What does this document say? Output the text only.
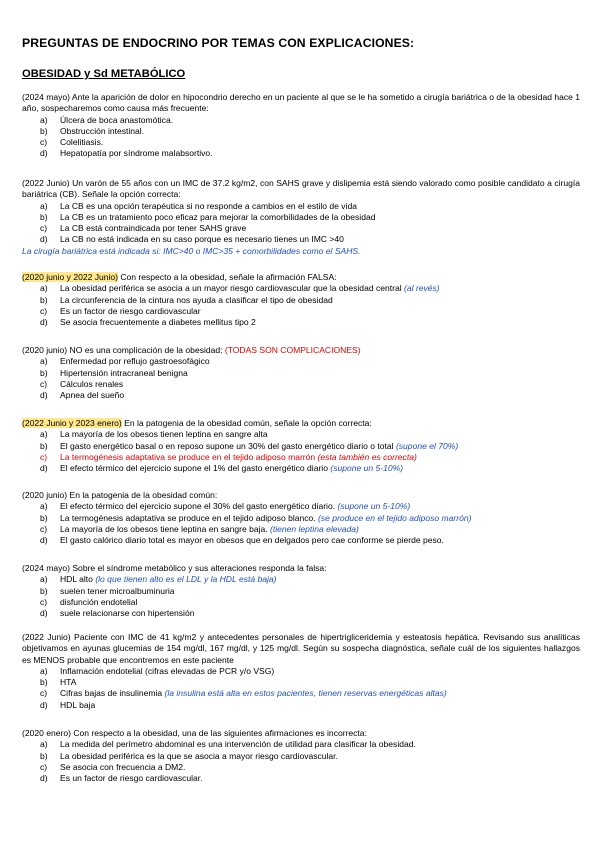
PREGUNTAS DE ENDOCRINO POR TEMAS CON EXPLICACIONES:
OBESIDAD y Sd METABÓLICO
(2024 mayo) Ante la aparición de dolor en hipocondrio derecho en un paciente al que se le ha sometido a cirugía bariátrica o de la obesidad hace 1 año, sospecharemos como causa más frecuente:
a)	Úlcera de boca anastomótica.
b)	Obstrucción intestinal.
c)	Colelitiasis.
d)	Hepatopatía por síndrome malabsortivo.
(2022 Junio) Un varón de 55 años con un IMC de 37.2 kg/m2, con SAHS grave y dislipemia está siendo valorado como posible candidato a cirugía bariátrica (CB). Señale la opción correcta:
a)	La CB es una opción terapéutica si no responde a cambios en el estilo de vida
b)	La CB es un tratamiento poco eficaz para mejorar la comorbilidades de la obesidad
c)	La CB está contraindicada por tener SAHS grave
d)	La CB no está indicada en su caso porque es necesario tienes un IMC >40
La cirugía bariátrica está indicada si: IMC>40 o IMC>35 + comorbilidades como el SAHS.
(2020 junio y 2022 Junio) Con respecto a la obesidad, señale la afirmación FALSA:
a)	La obesidad periférica se asocia a un mayor riesgo cardiovascular que la obesidad central (al revés)
b)	La circunferencia de la cintura nos ayuda a clasificar el tipo de obesidad
c)	Es un factor de riesgo cardiovascular
d)	Se asocia frecuentemente a diabetes mellitus tipo 2
(2020 junio) NO es una complicación de la obesidad: (TODAS SON COMPLICACIONES)
a)	Enfermedad por reflujo gastroesofágico
b)	Hipertensión intracraneal benigna
c)	Cálculos renales
d)	Apnea del sueño
(2022 Junio y 2023 enero) En la patogenia de la obesidad común, señale la opción correcta:
a)	La mayoría de los obesos tienen leptina en sangre alta
b)	El gasto energético basal o en reposo supone un 30% del gasto energético diario o total (supone el 70%)
c)	La termogénesis adaptativa se produce en el tejido adiposo marrón (esta también es correcta)
d)	El efecto térmico del ejercicio supone el 1% del gasto energético diario (supone un 5-10%)
(2020 junio) En la patogenia de la obesidad común:
a)	El efecto térmico del ejercicio supone el 30% del gasto energético diario. (supone un 5-10%)
b)	La termogénesis adaptativa se produce en el tejido adiposo blanco. (se produce en el tejido adiposo marrón)
c)	La mayoría de los obesos tiene leptina en sangre baja. (tienen leptina elevada)
d)	El gasto calórico diario total es mayor en obesos que en delgados pero cae conforme se pierde peso.
(2024 mayo) Sobre el síndrome metabólico y sus alteraciones responda la falsa:
a)	HDL alto (lo que tienen alto es el LDL y la HDL está baja)
b)	suelen tener microalbuminuria
c)	disfunción endotelial
d)	suele relacionarse con hipertensión
(2022 Junio) Paciente con IMC de 41 kg/m2 y antecedentes personales de hipertrigliceridemia y esteatosis hepática. Revisando sus analíticas objetivamos en ayunas glucemias de 154 mg/dl, 167 mg/dl, y 125 mg/dl. Según su sospecha diagnóstica, señale cuál de los siguientes hallazgos es MENOS probable que encontremos en este paciente
a)	Inflamación endotelial (cifras elevadas de PCR y/o VSG)
b)	HTA
c)	Cifras bajas de insulinemia (la insulina está alta en estos pacientes, tienen reservas energéticas altas)
d)	HDL baja
(2020 enero) Con respecto a la obesidad, una de las siguientes afirmaciones es incorrecta:
a)	La medida del perímetro abdominal es una intervención de utilidad para clasificar la obesidad.
b)	La obesidad periférica es la que se asocia a mayor riesgo cardiovascular.
c)	Se asocia con frecuencia a DM2.
d)	Es un factor de riesgo cardiovascular.
